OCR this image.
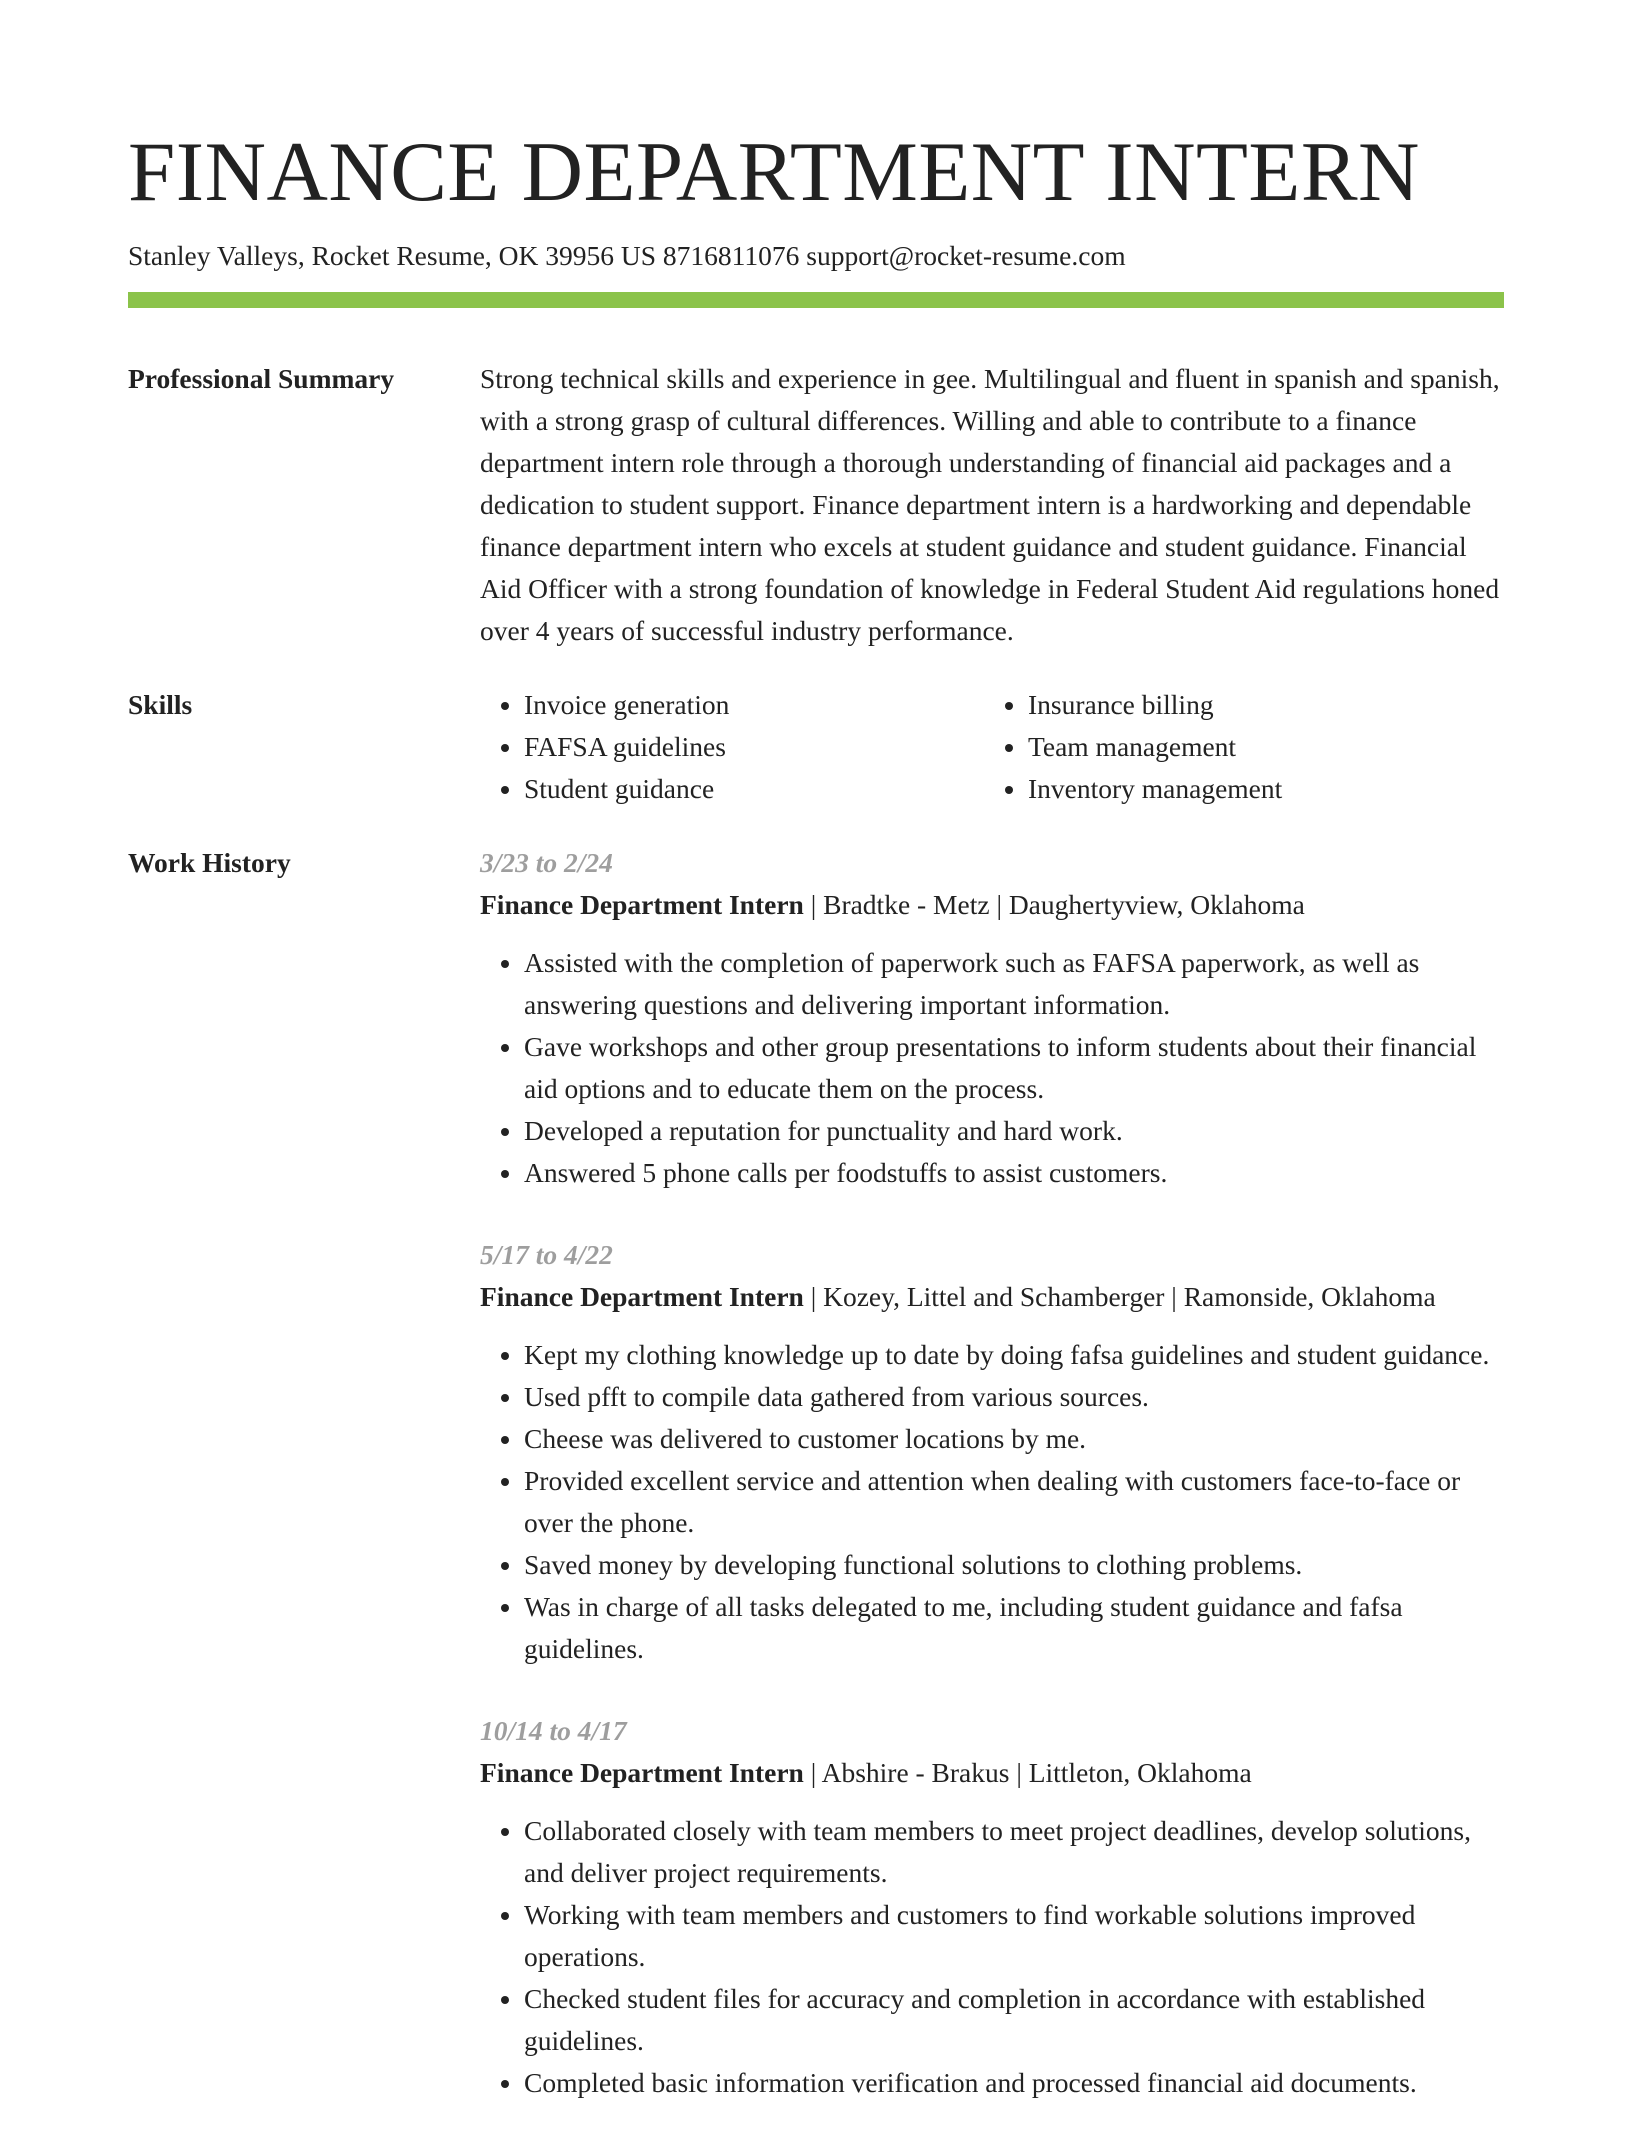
FINANCE DEPARTMENT INTERN
Stanley Valleys, Rocket Resume, OK 39956 US 8716811076 support@rocket-resume.com
Professional Summary	Strong technical skills and experience in gee. Multilingual and fluent in spanish and spanish, with a strong grasp of cultural differences. Willing and able to contribute to a finance department intern role through a thorough understanding of financial aid packages and a dedication to student support. Finance department intern is a hardworking and dependable finance department intern who excels at student guidance and student guidance. Financial Aid Officer with a strong foundation of knowledge in Federal Student Aid regulations honed over 4 years of successful industry performance.

Skills
•	Invoice generation
• FAFSA guidelines
• Student guidance
• Insurance billing
• Team management
• Inventory management
Work History	3/23 to 2/24
Finance Department Intern | Bradtke - Metz | Daughertyview, Oklahoma
• Assisted with the completion of paperwork such as FAFSA paperwork, as well as answering questions and delivering important information.
• Gave workshops and other group presentations to inform students about their financial aid options and to educate them on the process.
• Developed a reputation for punctuality and hard work.
• Answered 5 phone calls per foodstuffs to assist customers.
5/17 to 4/22
Finance Department Intern | Kozey, Littel and Schamberger | Ramonside, Oklahoma
• Kept my clothing knowledge up to date by doing fafsa guidelines and student guidance.
• Used pfft to compile data gathered from various sources.
• Cheese was delivered to customer locations by me.
• Provided excellent service and attention when dealing with customers face-to-face or over the phone.
• Saved money by developing functional solutions to clothing problems.
• Was in charge of all tasks delegated to me, including student guidance and fafsa guidelines.
10/14 to 4/17
Finance Department Intern | Abshire - Brakus | Littleton, Oklahoma
• Collaborated closely with team members to meet project deadlines, develop solutions, and deliver project requirements.
• Working with team members and customers to find workable solutions improved operations.
• Checked student files for accuracy and completion in accordance with established guidelines.
• Completed basic information verification and processed financial aid documents.
